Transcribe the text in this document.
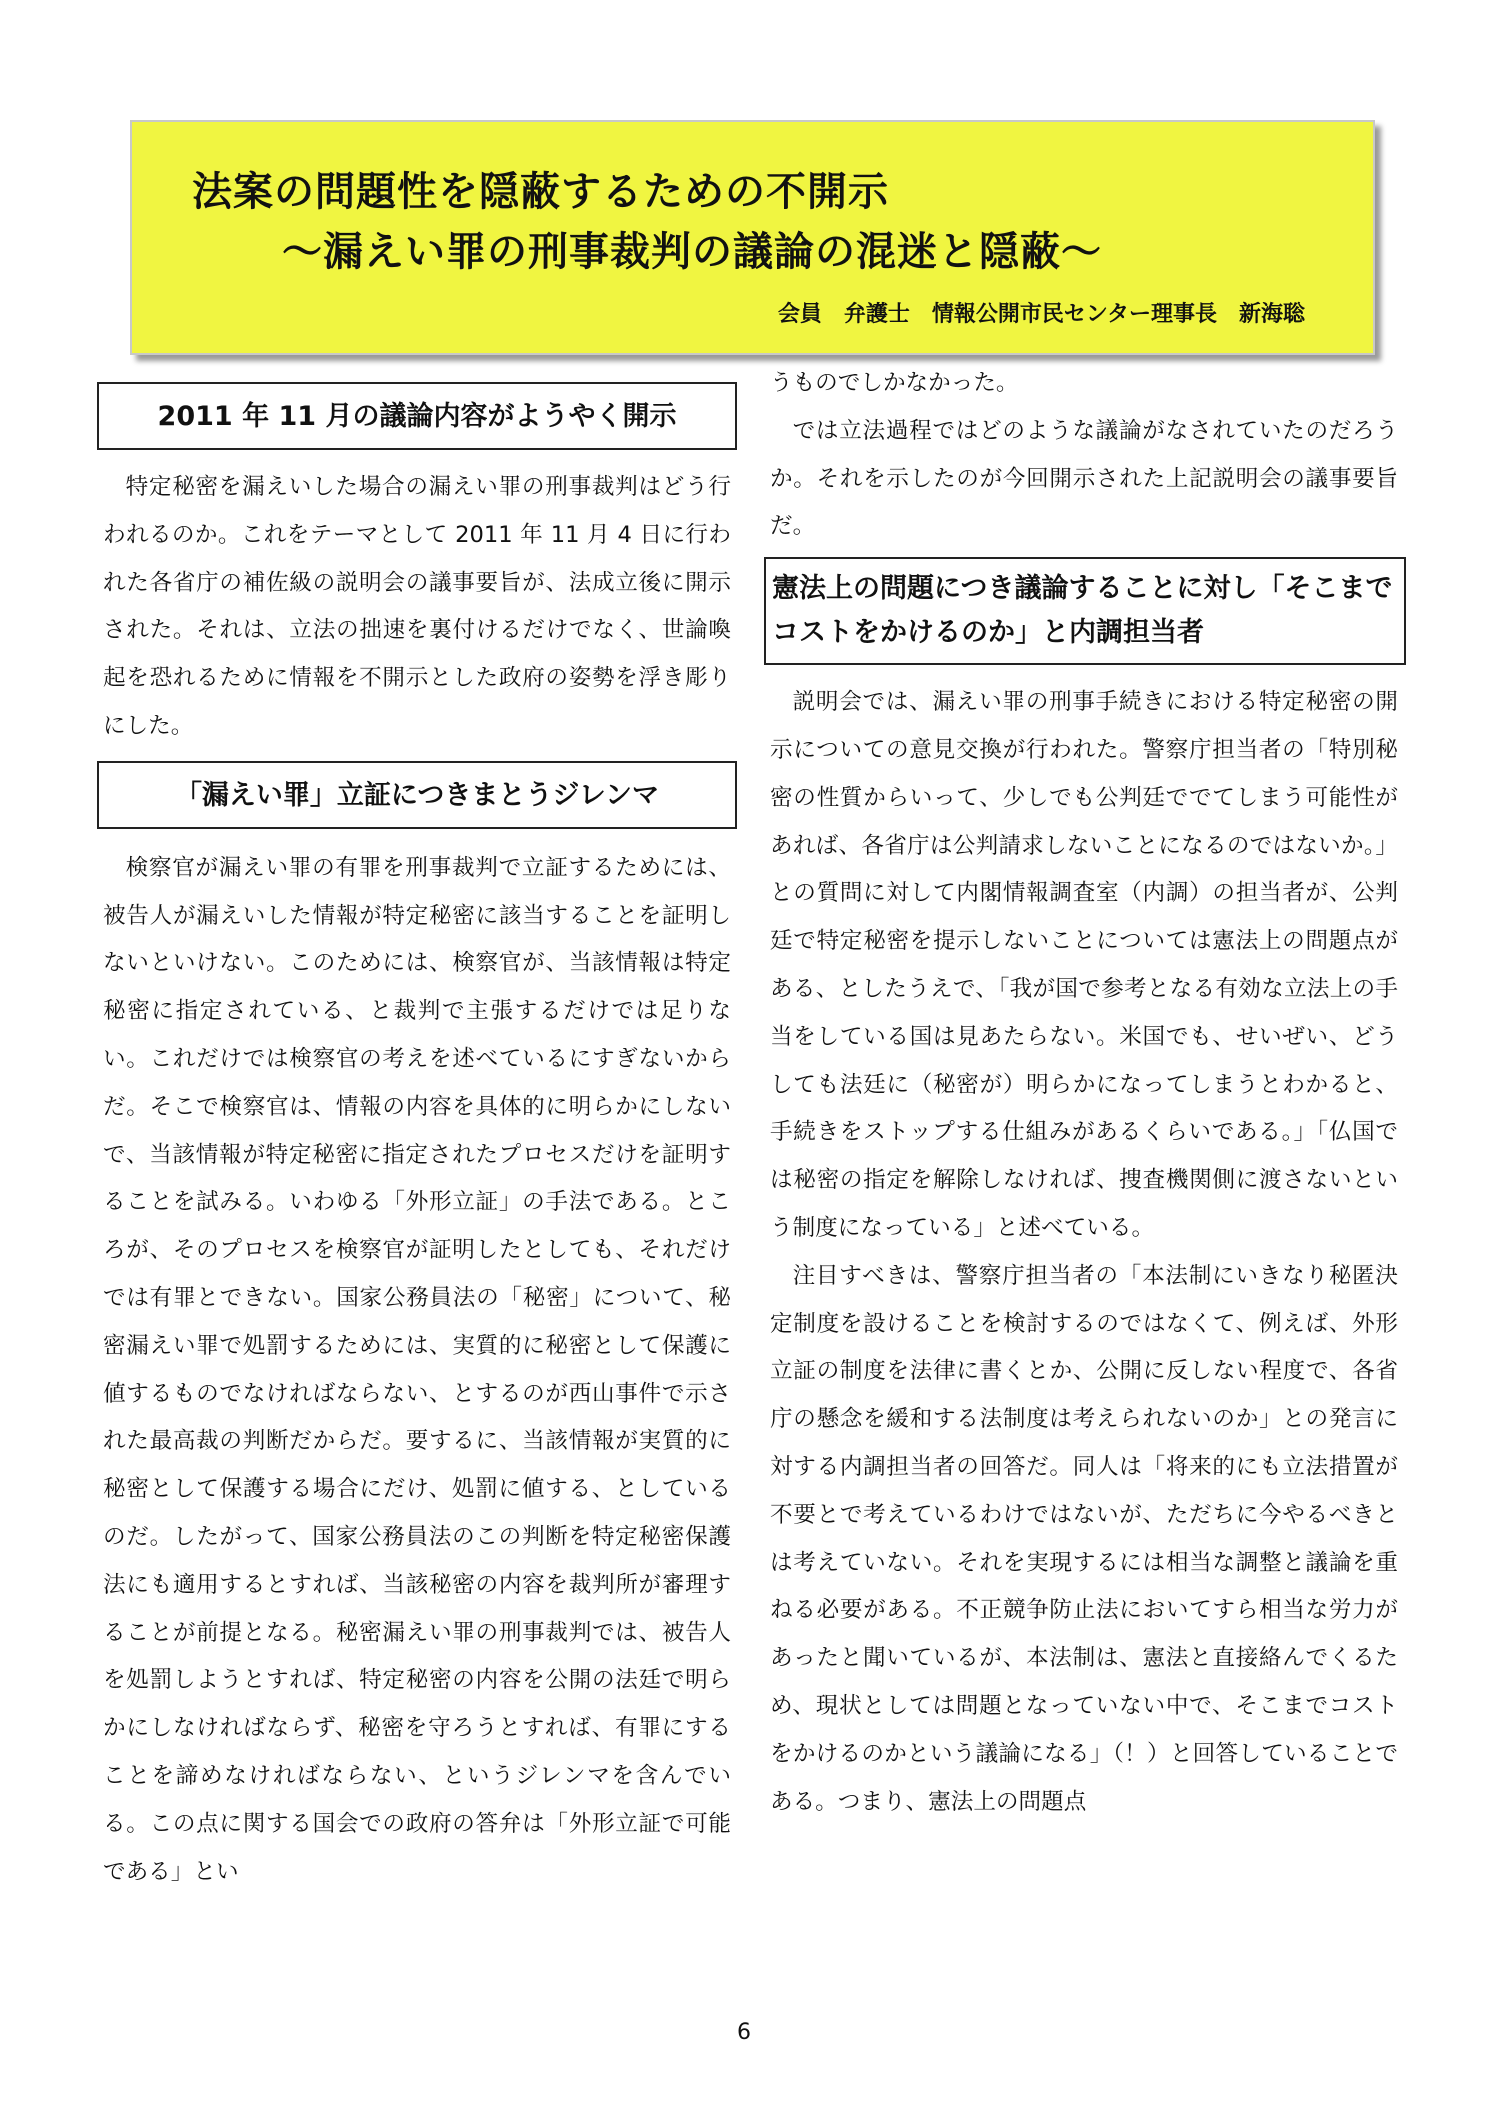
法案の問題性を隠蔽するための不開示
～漏えい罪の刑事裁判の議論の混迷と隠蔽～
会員　弁護士　情報公開市民センター理事長　新海聡
2011 年 11 月の議論内容がようやく開示

特定秘密を漏えいした場合の漏えい罪の刑事裁判はどう行われるのか。これをテーマとして 2011 年 11 月 4 日に行われた各省庁の補佐級の説明会の議事要旨が、法成立後に開示された。それは、立法の拙速を裏付けるだけでなく、世論喚起を恐れるために情報を不開示とした政府の姿勢を浮き彫りにした。

「漏えい罪」立証につきまとうジレンマ

検察官が漏えい罪の有罪を刑事裁判で立証するためには、被告人が漏えいした情報が特定秘密に該当することを証明しないといけない。このためには、検察官が、当該情報は特定秘密に指定されている、と裁判で主張するだけでは足りない。これだけでは検察官の考えを述べているにすぎないからだ。そこで検察官は、情報の内容を具体的に明らかにしないで、当該情報が特定秘密に指定されたプロセスだけを証明することを試みる。いわゆる「外形立証」の手法である。ところが、そのプロセスを検察官が証明したとしても、それだけでは有罪とできない。国家公務員法の「秘密」について、秘密漏えい罪で処罰するためには、実質的に秘密として保護に値するものでなければならない、とするのが西山事件で示された最高裁の判断だからだ。要するに、当該情報が実質的に秘密として保護する場合にだけ、処罰に値する、としているのだ。したがって、国家公務員法のこの判断を特定秘密保護法にも適用するとすれば、当該秘密の内容を裁判所が審理することが前提となる。秘密漏えい罪の刑事裁判では、被告人を処罰しようとすれば、特定秘密の内容を公開の法廷で明らかにしなければならず、秘密を守ろうとすれば、有罪にすることを諦めなければならない、というジレンマを含んでいる。この点に関する国会での政府の答弁は「外形立証で可能である」とい

うものでしかなかった。

では立法過程ではどのような議論がなされていたのだろうか。それを示したのが今回開示された上記説明会の議事要旨だ。

憲法上の問題につき議論することに対し「そこまでコストをかけるのか」と内調担当者

説明会では、漏えい罪の刑事手続きにおける特定秘密の開示についての意見交換が行われた。警察庁担当者の「特別秘密の性質からいって、少しでも公判廷ででてしまう可能性があれば、各省庁は公判請求しないことになるのではないか。」との質問に対して内閣情報調査室（内調）の担当者が、公判廷で特定秘密を提示しないことについては憲法上の問題点がある、としたうえで、「我が国で参考となる有効な立法上の手当をしている国は見あたらない。米国でも、せいぜい、どうしても法廷に（秘密が）明らかになってしまうとわかると、手続きをストップする仕組みがあるくらいである。」「仏国では秘密の指定を解除しなければ、捜査機関側に渡さないという制度になっている」と述べている。

注目すべきは、警察庁担当者の「本法制にいきなり秘匿決定制度を設けることを検討するのではなくて、例えば、外形立証の制度を法律に書くとか、公開に反しない程度で、各省庁の懸念を緩和する法制度は考えられないのか」との発言に対する内調担当者の回答だ。同人は「将来的にも立法措置が不要とで考えているわけではないが、ただちに今やるべきとは考えていない。それを実現するには相当な調整と議論を重ねる必要がある。不正競争防止法においてすら相当な労力があったと聞いているが、本法制は、憲法と直接絡んでくるため、現状としては問題となっていない中で、そこまでコストをかけるのかという議論になる」（！）と回答していることである。つまり、憲法上の問題点

6
